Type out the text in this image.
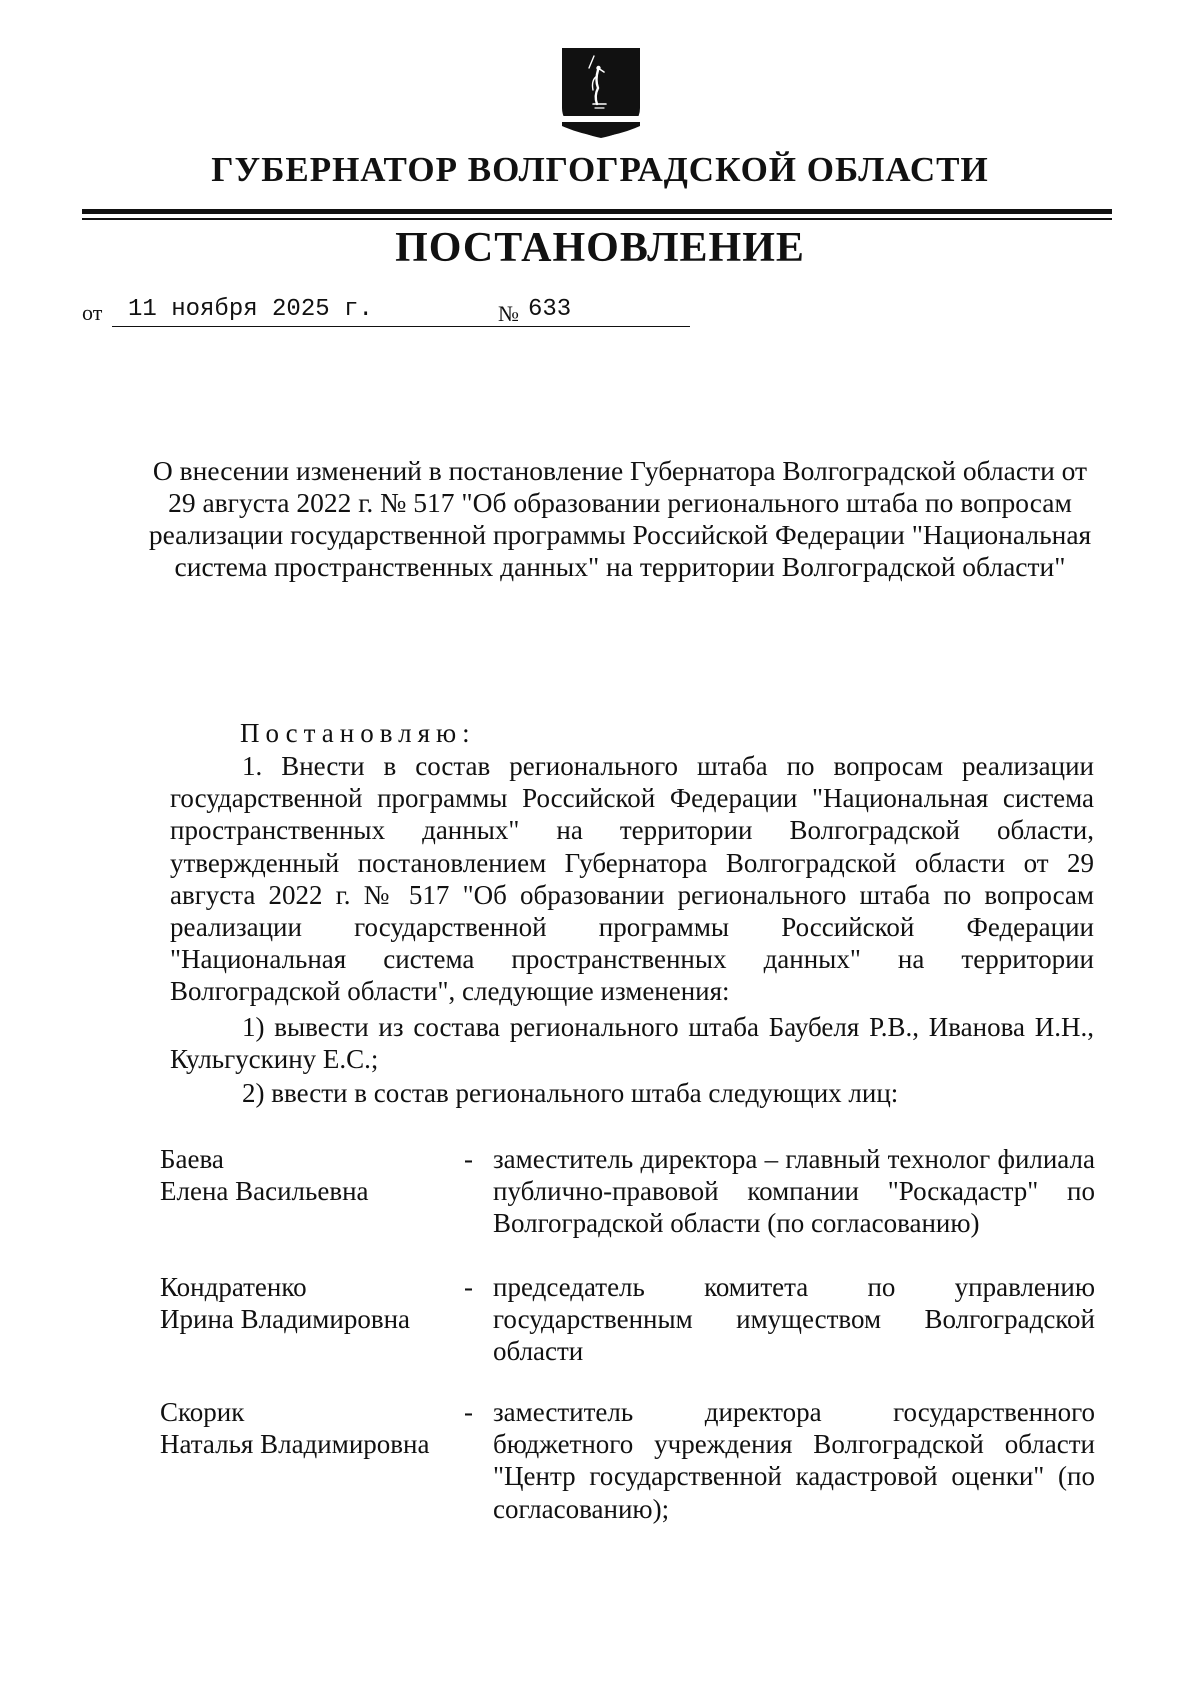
ГУБЕРНАТОР ВОЛГОГРАДСКОЙ ОБЛАСТИ
ПОСТАНОВЛЕНИЕ
от 11 ноября 2025 г.	№ 633
О внесении изменений в постановление Губернатора Волгоградской области от 29 августа 2022 г. № 517 "Об образовании регионального штаба по вопросам реализации государственной программы Российской Федерации "Национальная система пространственных данных" на территории Волгоградской области"
Постановляю:
1. Внести в состав регионального штаба по вопросам реализации государственной программы Российской Федерации "Национальная система пространственных данных" на территории Волгоградской области, утвержденный постановлением Губернатора Волгоградской области от 29 августа 2022 г. № 517 "Об образовании регионального штаба по вопросам реализации государственной программы Российской Федерации "Национальная система пространственных данных" на территории Волгоградской области", следующие изменения:
1) вывести из состава регионального штаба Баубеля Р.В., Иванова И.Н., Кульгускину Е.С.;
2) ввести в состав регионального штаба следующих лиц:
Баева
Елена Васильевна
- заместитель директора – главный технолог филиала публично-правовой компании "Роскадастр" по Волгоградской области (по согласованию)
Кондратенко
Ирина Владимировна
- председатель комитета по управлению государственным имуществом Волгоградской области
Скорик
Наталья Владимировна
- заместитель директора государственного бюджетного учреждения Волгоградской области "Центр государственной кадастровой оценки" (по согласованию);
